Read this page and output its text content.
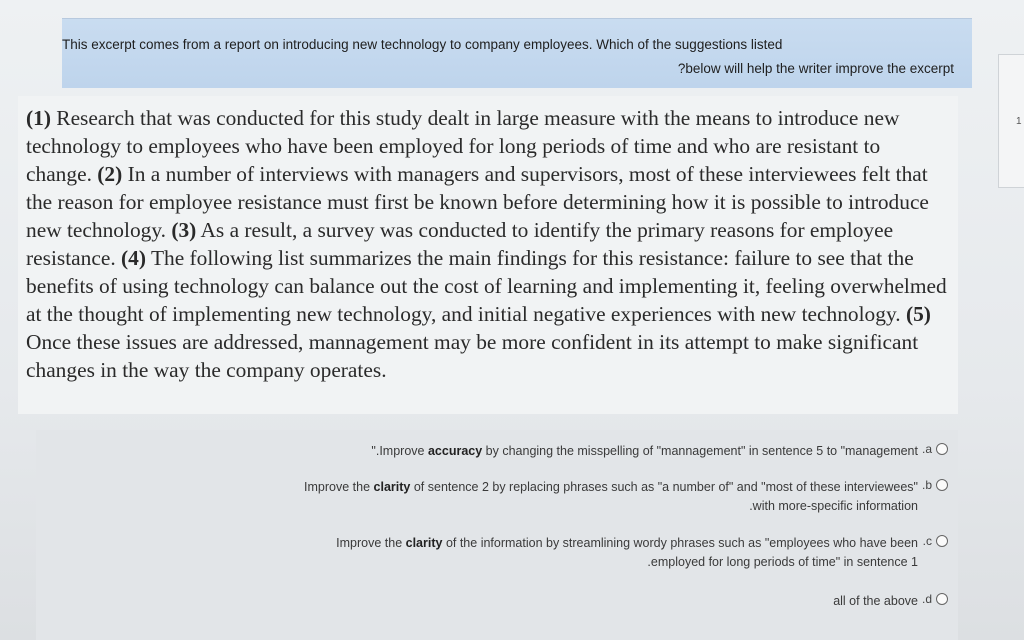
This excerpt comes from a report on introducing new technology to company employees. Which of the suggestions listed
?below will help the writer improve the excerpt
1
(1) Research that was conducted for this study dealt in large measure with the means to introduce new technology to employees who have been employed for long periods of time and who are resistant to change. (2) In a number of interviews with managers and supervisors, most of these interviewees felt that the reason for employee resistance must first be known before determining how it is possible to introduce new technology. (3) As a result, a survey was conducted to identify the primary reasons for employee resistance. (4) The following list summarizes the main findings for this resistance: failure to see that the benefits of using technology can balance out the cost of learning and implementing it, feeling overwhelmed at the thought of implementing new technology, and initial negative experiences with new technology. (5) Once these issues are addressed, mannagement may be more confident in its attempt to make significant changes in the way the company operates.
".Improve accuracy by changing the misspelling of "mannagement" in sentence 5 to "management .a
Improve the clarity of sentence 2 by replacing phrases such as "a number of" and "most of these interviewees"
.with more-specific information
.b
Improve the clarity of the information by streamlining wordy phrases such as "employees who have been
.employed for long periods of time" in sentence 1
.c
all of the above .d
